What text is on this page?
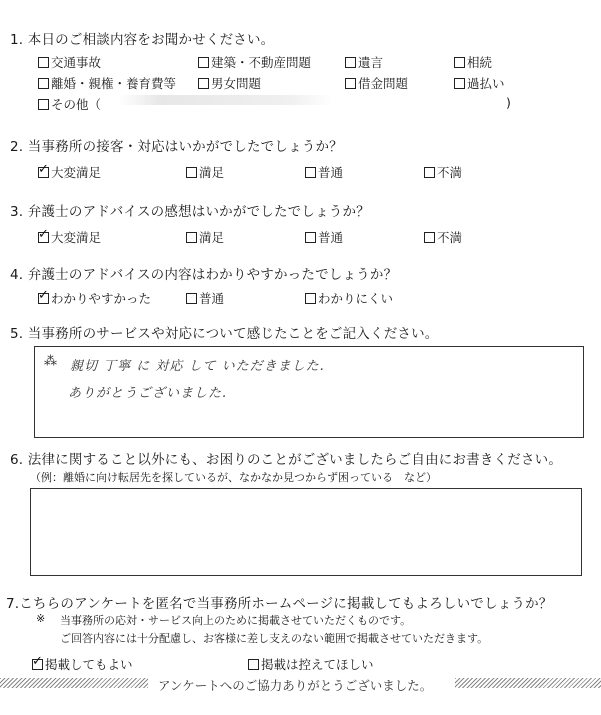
1. 本日のご相談内容をお聞かせください。
交通事故	建築・不動産問題	遺言	相続
離婚・親権・養育費等	男女問題	借金問題	過払い
その他（	)
2. 当事務所の接客・対応はいかがでしたでしょうか？
✓ 大変満足	満足	普通	不満
3. 弁護士のアドバイスの感想はいかがでしたでしょうか？
✓ 大変満足	満足	普通	不満
4. 弁護士のアドバイスの内容はわかりやすかったでしょうか？
✓ わかりやすかった	普通	わかりにくい
5. 当事務所のサービスや対応について感じたことをご記入ください。
⁂ 親切 丁寧 に 対応 して いただきました.
ありがとうございました.
6. 法律に関すること以外にも、お困りのことがございましたらご自由にお書きください。
（例：離婚に向け転居先を探しているが、なかなか見つからず困っている　など）
7.こちらのアンケートを匿名で当事務所ホームページに掲載してもよろしいでしょうか？
※ 当事務所の応対・サービス向上のために掲載させていただくものです。
ご回答内容には十分配慮し、お客様に差し支えのない範囲で掲載させていただきます。
✓ 掲載してもよい	掲載は控えてほしい
アンケートへのご協力ありがとうございました。
